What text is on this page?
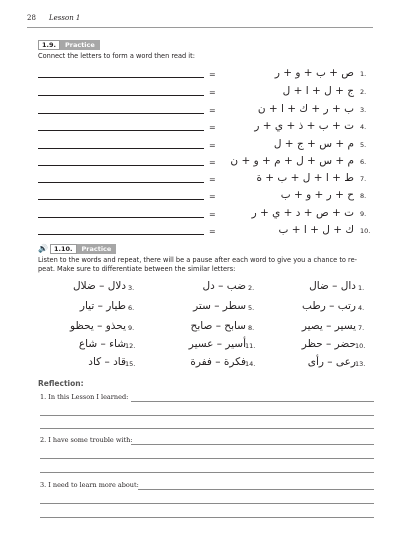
28 Lesson 1
1.9.	Practice
Connect the letters to form a word then read it:
=	ص + ب + و + ر 1.
=	ج + ل + ا + ل 2.
=	ب + ر + ك + ا + ن 3.
=	ت + ب + ذ + ي + ر 4.
=	م + س + ج + ل 5.
= م + س + ل + م + و + ن 6.
=	ط + ا + ل + ب + ة 7.
=	ح + ر + و + ب 8.
=	ت + ص + د + ي + ر 9.
=	ك + ل + ا + ب 10.
🔊 1.10.	Practice
Listen to the words and repeat, there will be a pause after each word to give you a chance to re-
peat. Make sure to differentiate between the similar letters:
دال – ضال 1.
ضب – دل 2.
دلال – ضلال 3.
رتب – رطب 4.
سطر – ستر 5.
طيار – تيار 6.
يسير – يصير 7.
سابح – صابح 8.
يحذو – يحظو 9.
حضر – حظر 10.
أسير – عسير 11.
شاء – شاع 12.
رعى – رأى 13.
فكرة – ففرة 14.
قاد – كاد 15.
Reflection:
1. In this Lesson I learned:
2. I have some trouble with:
3. I need to learn more about:
